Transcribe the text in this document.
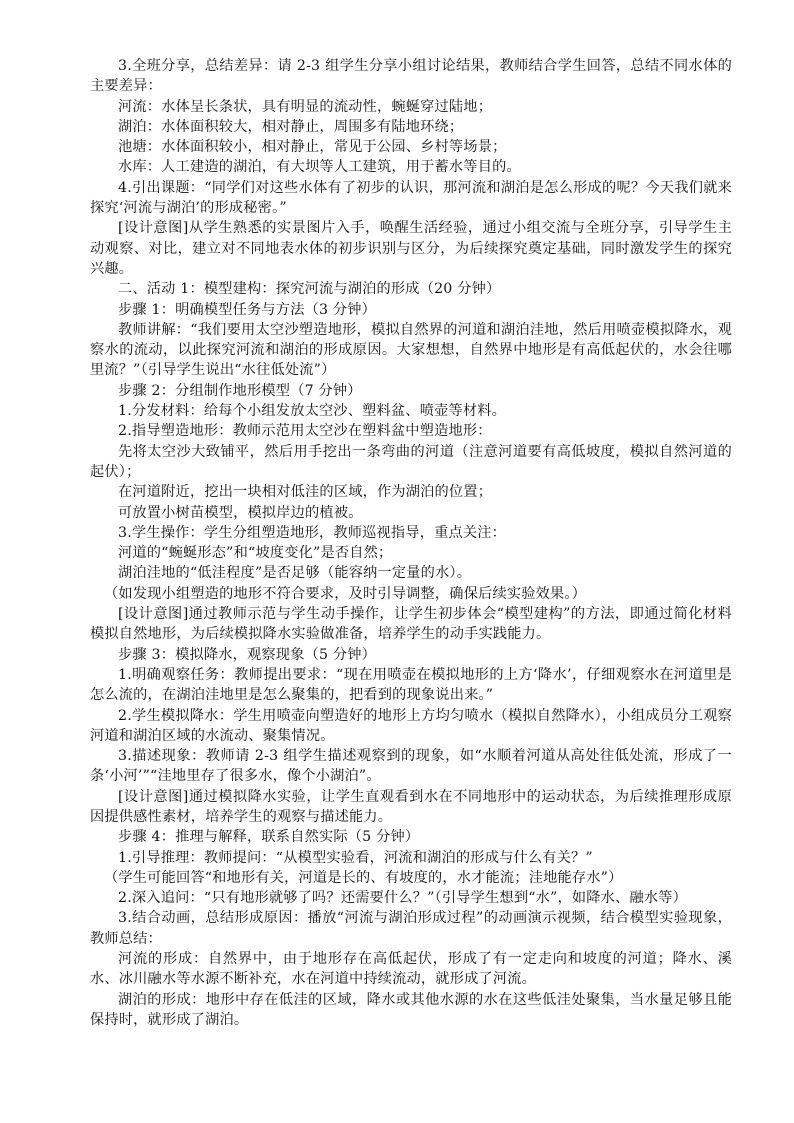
3.全班分享，总结差异：请 2-3 组学生分享小组讨论结果，教师结合学生回答，总结不同水体的主要差异：

河流：水体呈长条状，具有明显的流动性，蜿蜒穿过陆地；

湖泊：水体面积较大，相对静止，周围多有陆地环绕；

池塘：水体面积较小，相对静止，常见于公园、乡村等场景；

水库：人工建造的湖泊，有大坝等人工建筑，用于蓄水等目的。

4.引出课题：“同学们对这些水体有了初步的认识，那河流和湖泊是怎么形成的呢？今天我们就来探究‘河流与湖泊’的形成秘密。”

[设计意图]从学生熟悉的实景图片入手，唤醒生活经验，通过小组交流与全班分享，引导学生主动观察、对比，建立对不同地表水体的初步识别与区分，为后续探究奠定基础，同时激发学生的探究兴趣。

二、活动 1：模型建构：探究河流与湖泊的形成（20 分钟）

步骤 1：明确模型任务与方法（3 分钟）

教师讲解：“我们要用太空沙塑造地形，模拟自然界的河道和湖泊洼地，然后用喷壶模拟降水，观察水的流动，以此探究河流和湖泊的形成原因。大家想想，自然界中地形是有高低起伏的，水会往哪里流？”（引导学生说出“水往低处流”）

步骤 2：分组制作地形模型（7 分钟）

1.分发材料：给每个小组发放太空沙、塑料盆、喷壶等材料。

2.指导塑造地形：教师示范用太空沙在塑料盆中塑造地形：

先将太空沙大致铺平，然后用手挖出一条弯曲的河道（注意河道要有高低坡度，模拟自然河道的起伏）；

在河道附近，挖出一块相对低洼的区域，作为湖泊的位置；

可放置小树苗模型，模拟岸边的植被。

3.学生操作：学生分组塑造地形，教师巡视指导，重点关注：

河道的“蜿蜒形态”和“坡度变化”是否自然；

湖泊洼地的“低洼程度”是否足够（能容纳一定量的水）。

（如发现小组塑造的地形不符合要求，及时引导调整，确保后续实验效果。）

[设计意图]通过教师示范与学生动手操作，让学生初步体会“模型建构”的方法，即通过简化材料模拟自然地形，为后续模拟降水实验做准备，培养学生的动手实践能力。

步骤 3：模拟降水，观察现象（5 分钟）

1.明确观察任务：教师提出要求：“现在用喷壶在模拟地形的上方‘降水’，仔细观察水在河道里是怎么流的，在湖泊洼地里是怎么聚集的，把看到的现象说出来。”

2.学生模拟降水：学生用喷壶向塑造好的地形上方均匀喷水（模拟自然降水），小组成员分工观察河道和湖泊区域的水流动、聚集情况。

3.描述现象：教师请 2-3 组学生描述观察到的现象，如“水顺着河道从高处往低处流，形成了一条‘小河’”“洼地里存了很多水，像个小湖泊”。

[设计意图]通过模拟降水实验，让学生直观看到水在不同地形中的运动状态，为后续推理形成原因提供感性素材，培养学生的观察与描述能力。

步骤 4：推理与解释，联系自然实际（5 分钟）

1.引导推理：教师提问：“从模型实验看，河流和湖泊的形成与什么有关？”

（学生可能回答“和地形有关，河道是长的、有坡度的，水才能流；洼地能存水”）

2.深入追问：“只有地形就够了吗？还需要什么？”（引导学生想到“水”，如降水、融水等）

3.结合动画，总结形成原因：播放“河流与湖泊形成过程”的动画演示视频，结合模型实验现象，教师总结：

河流的形成：自然界中，由于地形存在高低起伏，形成了有一定走向和坡度的河道；降水、溪水、冰川融水等水源不断补充，水在河道中持续流动，就形成了河流。

湖泊的形成：地形中存在低洼的区域，降水或其他水源的水在这些低洼处聚集，当水量足够且能保持时，就形成了湖泊。
